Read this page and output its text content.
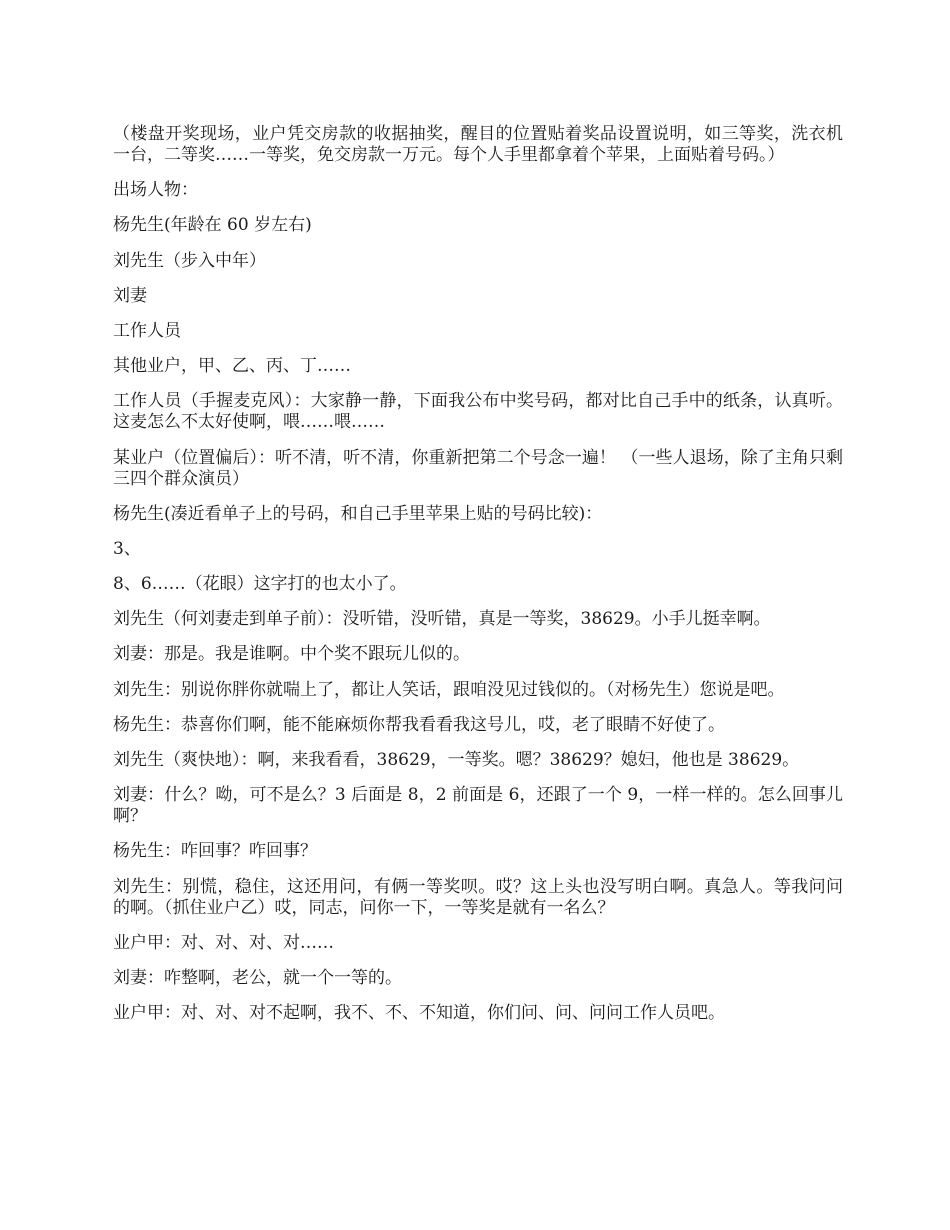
（楼盘开奖现场，业户凭交房款的收据抽奖，醒目的位置贴着奖品设置说明，如三等奖，洗衣机一台，二等奖……一等奖，免交房款一万元。每个人手里都拿着个苹果，上面贴着号码。）

出场人物：

杨先生(年龄在 60 岁左右)

刘先生（步入中年）

刘妻

工作人员

其他业户，甲、乙、丙、丁……

工作人员（手握麦克风）：大家静一静，下面我公布中奖号码，都对比自己手中的纸条，认真听。这麦怎么不太好使啊，喂……喂……

某业户（位置偏后）：听不清，听不清，你重新把第二个号念一遍！ （一些人退场，除了主角只剩三四个群众演员）

杨先生(凑近看单子上的号码，和自己手里苹果上贴的号码比较)：

3、

8、6……（花眼）这字打的也太小了。

刘先生（何刘妻走到单子前）：没听错，没听错，真是一等奖，38629。小手儿挺幸啊。

刘妻：那是。我是谁啊。中个奖不跟玩儿似的。

刘先生：别说你胖你就喘上了，都让人笑话，跟咱没见过钱似的。（对杨先生）您说是吧。

杨先生：恭喜你们啊，能不能麻烦你帮我看看我这号儿，哎，老了眼睛不好使了。

刘先生（爽快地）：啊，来我看看，38629，一等奖。嗯？38629？媳妇，他也是 38629。

刘妻：什么？呦，可不是么？3 后面是 8，2 前面是 6，还跟了一个 9，一样一样的。怎么回事儿啊？

杨先生：咋回事？咋回事？

刘先生：别慌，稳住，这还用问，有俩一等奖呗。哎？这上头也没写明白啊。真急人。等我问问的啊。（抓住业户乙）哎，同志，问你一下，一等奖是就有一名么？

业户甲：对、对、对、对……

刘妻：咋整啊，老公，就一个一等的。

业户甲：对、对、对不起啊，我不、不、不知道，你们问、问、问问工作人员吧。
